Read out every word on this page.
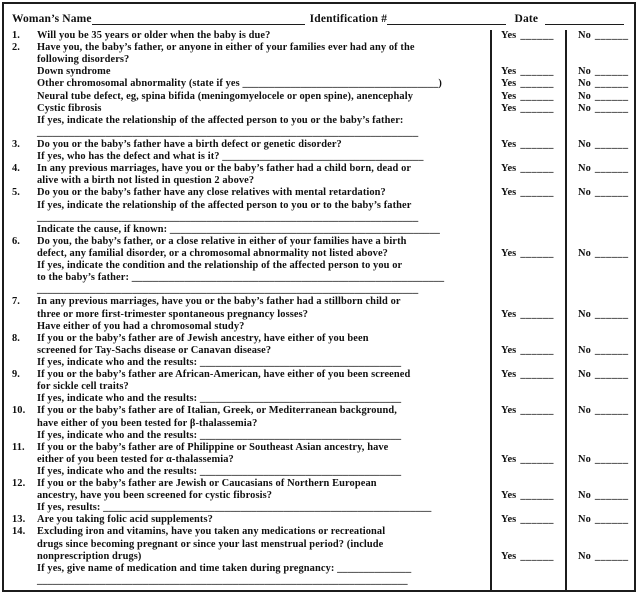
Woman’s Name	Identification #	Date
1.	Will you be 35 years or older when the baby is due?	Yes ______	No ______
2.	Have you, the baby’s father, or anyone in either of your families ever had any of the
following disorders?
Down syndrome	Yes ______	No ______
Other chromosomal abnormality (state if yes _____________________________________)	Yes ______	No ______
Neural tube defect, eg, spina bifida (meningomyelocele or open spine), anencephaly	Yes ______	No ______
Cystic fibrosis	Yes ______	No ______
If yes, indicate the relationship of the affected person to you or the baby’s father:
________________________________________________________________________
3.	Do you or the baby’s father have a birth defect or genetic disorder?	Yes ______	No ______
If yes, who has the defect and what is it? ______________________________________
4.	In any previous marriages, have you or the baby’s father had a child born, dead or	Yes ______	No ______
alive with a birth not listed in question 2 above?
5.	Do you or the baby’s father have any close relatives with mental retardation?	Yes ______	No ______
If yes, indicate the relationship of the affected person to you or to the baby’s father
________________________________________________________________________
Indicate the cause, if known: ___________________________________________________
6.	Do you, the baby’s father, or a close relative in either of your families have a birth
defect, any familial disorder, or a chromosomal abnormality not listed above?	Yes ______	No ______
If yes, indicate the condition and the relationship of the affected person to you or
to the baby’s father: ___________________________________________________________
________________________________________________________________________
7.	In any previous marriages, have you or the baby’s father had a stillborn child or
three or more first-trimester spontaneous pregnancy losses?	Yes ______	No ______
Have either of you had a chromosomal study?
8.	If you or the baby’s father are of Jewish ancestry, have either of you been
screened for Tay-Sachs disease or Canavan disease?	Yes ______	No ______
If yes, indicate who and the results: ______________________________________
9.	If you or the baby’s father are African-American, have either of you been screened	Yes ______	No ______
for sickle cell traits?
If yes, indicate who and the results: ______________________________________
10.	If you or the baby’s father are of Italian, Greek, or Mediterranean background,	Yes ______	No ______
have either of you been tested for β-thalassemia?
If yes, indicate who and the results: ______________________________________
11.	If you or the baby’s father are of Philippine or Southeast Asian ancestry, have
either of you been tested for α-thalassemia?	Yes ______	No ______
If yes, indicate who and the results: ______________________________________
12.	If you or the baby’s father are Jewish or Caucasians of Northern European
ancestry, have you been screened for cystic fibrosis?	Yes ______	No ______
If yes, results: ______________________________________________________________
13.	Are you taking folic acid supplements?	Yes ______	No ______
14.	Excluding iron and vitamins, have you taken any medications or recreational
drugs since becoming pregnant or since your last menstrual period? (include
nonprescription drugs)	Yes ______	No ______
If yes, give name of medication and time taken during pregnancy: ______________
______________________________________________________________________
